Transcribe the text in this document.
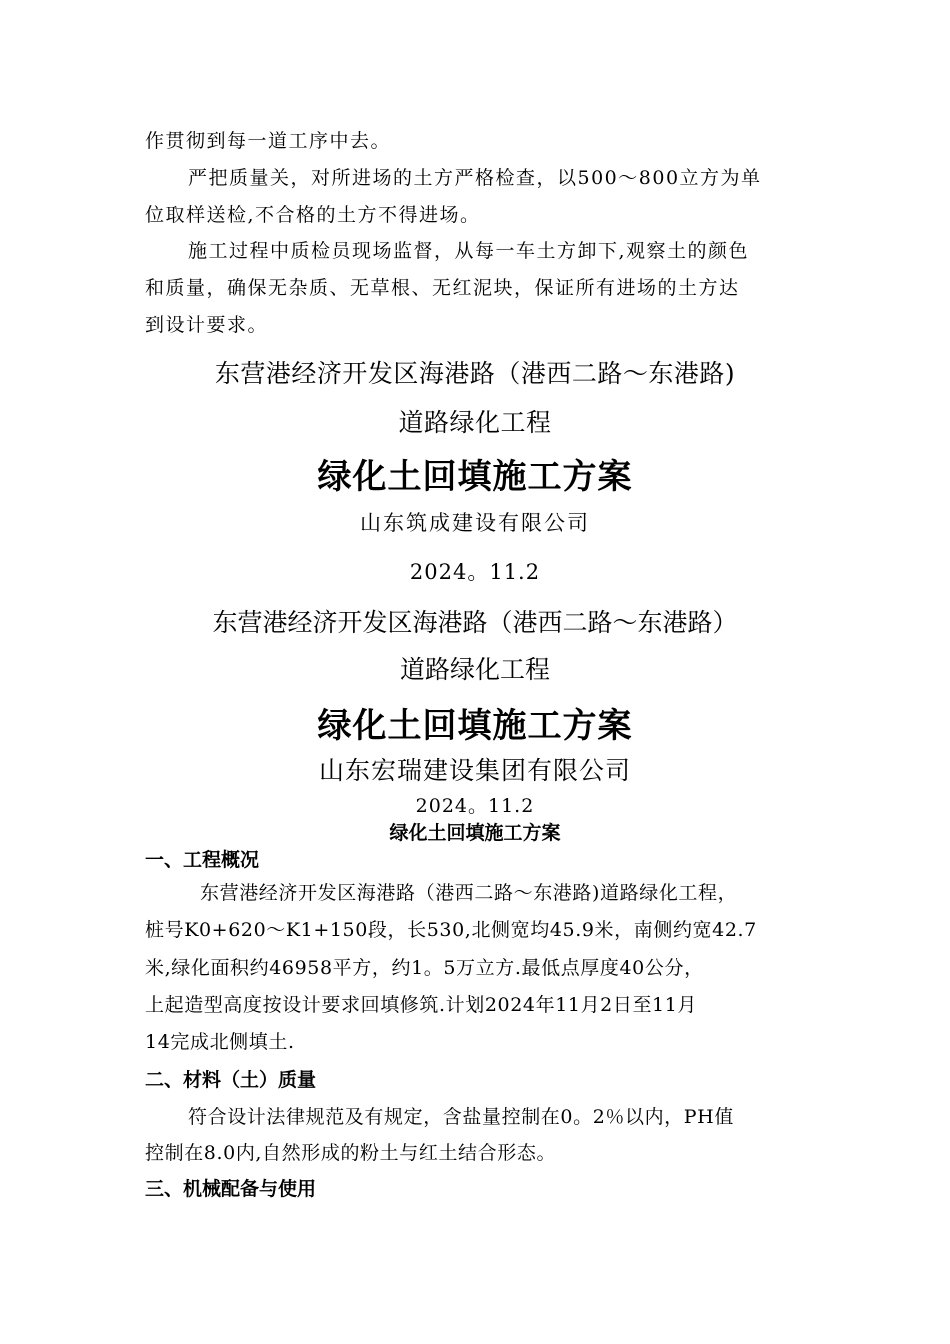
作贯彻到每一道工序中去。
严把质量关，对所进场的土方严格检查，以500～800立方为单
位取样送检,不合格的土方不得进场。
施工过程中质检员现场监督，从每一车土方卸下,观察土的颜色
和质量，确保无杂质、无草根、无红泥块，保证所有进场的土方达
到设计要求。
东营港经济开发区海港路（港西二路～东港路)
道路绿化工程
绿化土回填施工方案
山东筑成建设有限公司
2024。11.2
东营港经济开发区海港路（港西二路～东港路）
道路绿化工程
绿化土回填施工方案
山东宏瑞建设集团有限公司
2024。11.2
绿化土回填施工方案
一、工程概况
东营港经济开发区海港路（港西二路～东港路)道路绿化工程，
桩号K0+620～K1+150段，长530,北侧宽均45.9米，南侧约宽42.7
米,绿化面积约46958平方，约1。5万立方.最低点厚度40公分，
上起造型高度按设计要求回填修筑.计划2024年11月2日至11月
14完成北侧填土.
二、材料（土）质量
符合设计法律规范及有规定，含盐量控制在0。2％以内，PH值
控制在8.0内,自然形成的粉土与红土结合形态。
三、机械配备与使用
